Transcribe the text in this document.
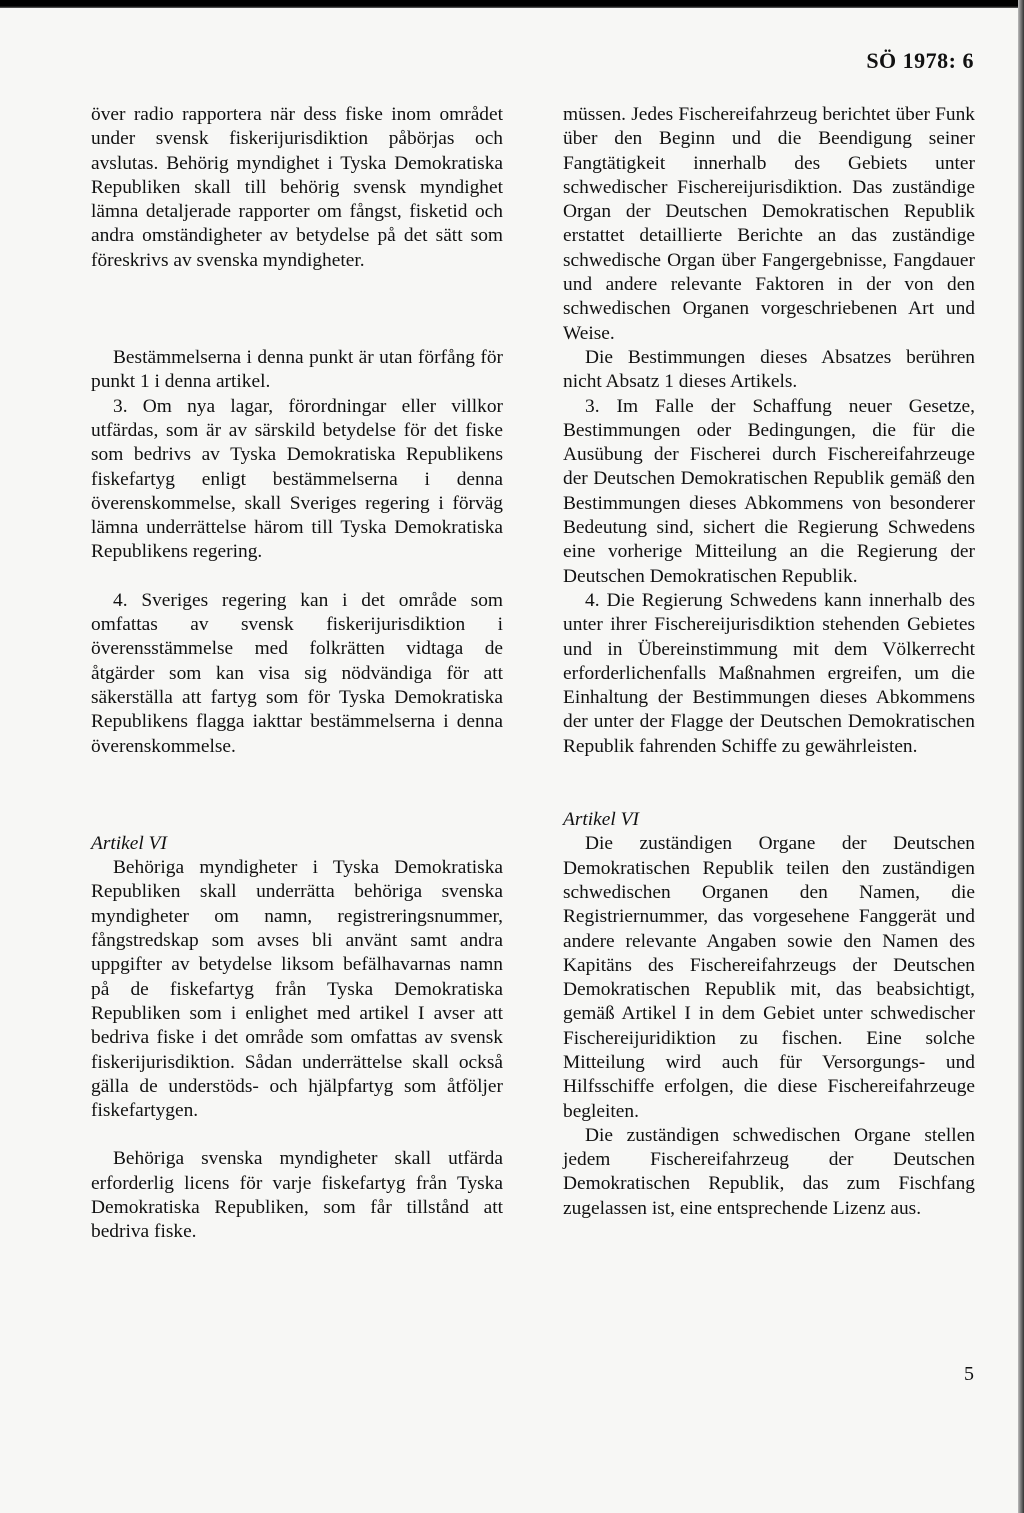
SÖ 1978: 6

över radio rapportera när dess fiske inom området under svensk fiskerijurisdiktion påbörjas och avslutas. Behörig myndighet i Tyska Demokratiska Republiken skall till behörig svensk myndighet lämna detaljerade rapporter om fångst, fisketid och andra omständigheter av betydelse på det sätt som föreskrivs av svenska myndigheter.

Bestämmelserna i denna punkt är utan förfång för punkt 1 i denna artikel.

3. Om nya lagar, förordningar eller villkor utfärdas, som är av särskild betydelse för det fiske som bedrivs av Tyska Demokratiska Republikens fiskefartyg enligt bestämmelserna i denna överenskommelse, skall Sveriges regering i förväg lämna underrättelse härom till Tyska Demokratiska Republikens regering.

4. Sveriges regering kan i det område som omfattas av svensk fiskerijurisdiktion i överensstämmelse med folkrätten vidtaga de åtgärder som kan visa sig nödvändiga för att säkerställa att fartyg som för Tyska Demokratiska Republikens flagga iakttar bestämmelserna i denna överenskommelse.

Artikel VI

Behöriga myndigheter i Tyska Demokratiska Republiken skall underrätta behöriga svenska myndigheter om namn, registreringsnummer, fångstredskap som avses bli använt samt andra uppgifter av betydelse liksom befälhavarnas namn på de fiskefartyg från Tyska Demokratiska Republiken som i enlighet med artikel I avser att bedriva fiske i det område som omfattas av svensk fiskerijurisdiktion. Sådan underrättelse skall också gälla de understöds- och hjälpfartyg som åtföljer fiskefartygen.

Behöriga svenska myndigheter skall utfärda erforderlig licens för varje fiskefartyg från Tyska Demokratiska Republiken, som får tillstånd att bedriva fiske.

müssen. Jedes Fischereifahrzeug berichtet über Funk über den Beginn und die Beendigung seiner Fangtätigkeit innerhalb des Gebiets unter schwedischer Fischereijurisdiktion. Das zuständige Organ der Deutschen Demokratischen Republik erstattet detaillierte Berichte an das zuständige schwedische Organ über Fangergebnisse, Fangdauer und andere relevante Faktoren in der von den schwedischen Organen vorgeschriebenen Art und Weise.

Die Bestimmungen dieses Absatzes berühren nicht Absatz 1 dieses Artikels.

3. Im Falle der Schaffung neuer Gesetze, Bestimmungen oder Bedingungen, die für die Ausübung der Fischerei durch Fischereifahrzeuge der Deutschen Demokratischen Republik gemäß den Bestimmungen dieses Abkommens von besonderer Bedeutung sind, sichert die Regierung Schwedens eine vorherige Mitteilung an die Regierung der Deutschen Demokratischen Republik.

4. Die Regierung Schwedens kann innerhalb des unter ihrer Fischereijurisdiktion stehenden Gebietes und in Übereinstimmung mit dem Völkerrecht erforderlichenfalls Maßnahmen ergreifen, um die Einhaltung der Bestimmungen dieses Abkommens der unter der Flagge der Deutschen Demokratischen Republik fahrenden Schiffe zu gewährleisten.

Artikel VI

Die zuständigen Organe der Deutschen Demokratischen Republik teilen den zuständigen schwedischen Organen den Namen, die Registriernummer, das vorgesehene Fanggerät und andere relevante Angaben sowie den Namen des Kapitäns des Fischereifahrzeugs der Deutschen Demokratischen Republik mit, das beabsichtigt, gemäß Artikel I in dem Gebiet unter schwedischer Fischereijuridiktion zu fischen. Eine solche Mitteilung wird auch für Versorgungs- und Hilfsschiffe erfolgen, die diese Fischereifahrzeuge begleiten.

Die zuständigen schwedischen Organe stellen jedem Fischereifahrzeug der Deutschen Demokratischen Republik, das zum Fischfang zugelassen ist, eine entsprechende Lizenz aus.

5
